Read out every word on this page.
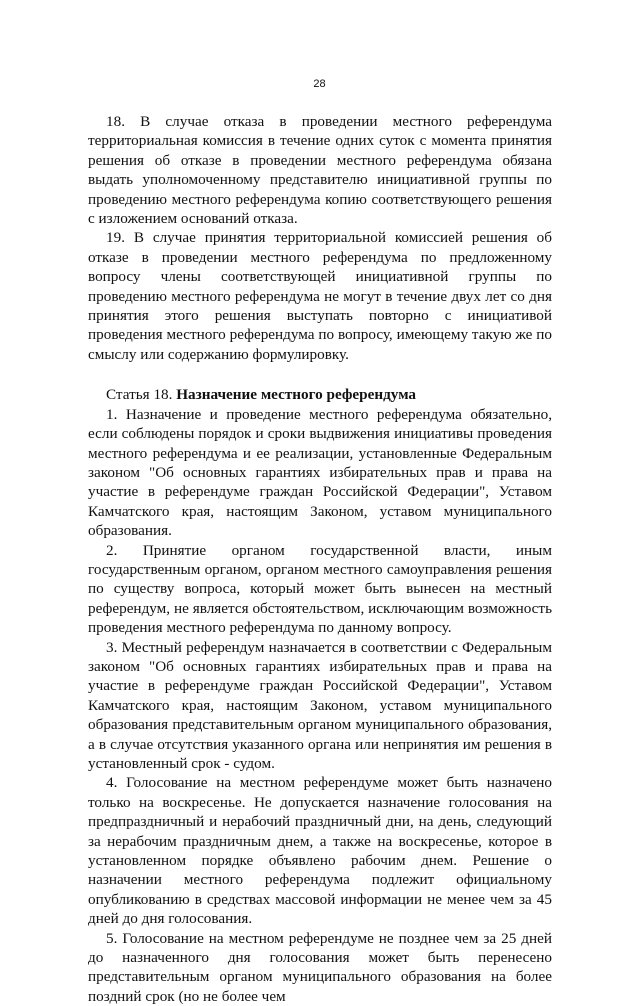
28

18. В случае отказа в проведении местного референдума территориальная комиссия в течение одних суток с момента принятия решения об отказе в проведении местного референдума обязана выдать уполномоченному представителю инициативной группы по проведению местного референдума копию соответствующего решения с изложением оснований отказа.

19. В случае принятия территориальной комиссией решения об отказе в проведении местного референдума по предложенному вопросу члены соответствующей инициативной группы по проведению местного референдума не могут в течение двух лет со дня принятия этого решения выступать повторно с инициативой проведения местного референдума по вопросу, имеющему такую же по смыслу или содержанию формулировку.

Статья 18. Назначение местного референдума

1. Назначение и проведение местного референдума обязательно, если соблюдены порядок и сроки выдвижения инициативы проведения местного референдума и ее реализации, установленные Федеральным законом "Об основных гарантиях избирательных прав и права на участие в референдуме граждан Российской Федерации", Уставом Камчатского края, настоящим Законом, уставом муниципального образования.

2. Принятие органом государственной власти, иным государственным органом, органом местного самоуправления решения по существу вопроса, который может быть вынесен на местный референдум, не является обстоятельством, исключающим возможность проведения местного референдума по данному вопросу.

3. Местный референдум назначается в соответствии с Федеральным законом "Об основных гарантиях избирательных прав и права на участие в референдуме граждан Российской Федерации", Уставом Камчатского края, настоящим Законом, уставом муниципального образования представительным органом муниципального образования, а в случае отсутствия указанного органа или непринятия им решения в установленный срок - судом.

4. Голосование на местном референдуме может быть назначено только на воскресенье. Не допускается назначение голосования на предпраздничный и нерабочий праздничный дни, на день, следующий за нерабочим праздничным днем, а также на воскресенье, которое в установленном порядке объявлено рабочим днем. Решение о назначении местного референдума подлежит официальному опубликованию в средствах массовой информации не менее чем за 45 дней до дня голосования.

5. Голосование на местном референдуме не позднее чем за 25 дней до назначенного дня голосования может быть перенесено представительным органом муниципального образования на более поздний срок (но не более чем
